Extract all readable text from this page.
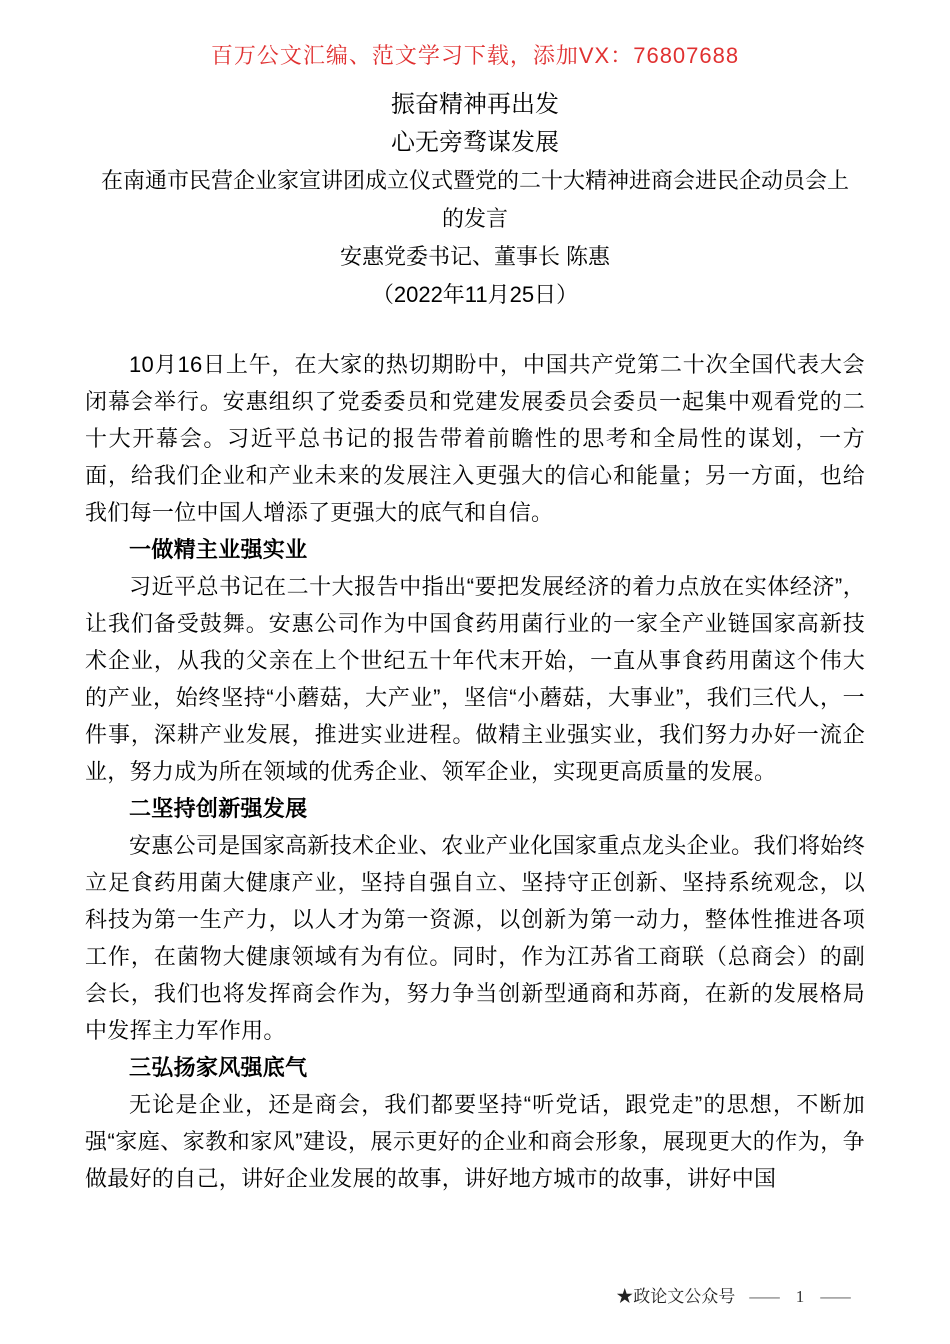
百万公文汇编、范文学习下载，添加VX：76807688
振奋精神再出发
心无旁骛谋发展
在南通市民营企业家宣讲团成立仪式暨党的二十大精神进商会进民企动员会上
的发言
安惠党委书记、董事长 陈惠
（2022年11月25日）

10月16日上午，在大家的热切期盼中，中国共产党第二十次全国代表大会闭幕会举行。安惠组织了党委委员和党建发展委员会委员一起集中观看党的二十大开幕会。习近平总书记的报告带着前瞻性的思考和全局性的谋划，一方面，给我们企业和产业未来的发展注入更强大的信心和能量；另一方面，也给我们每一位中国人增添了更强大的底气和自信。

一做精主业强实业

习近平总书记在二十大报告中指出“要把发展经济的着力点放在实体经济”，让我们备受鼓舞。安惠公司作为中国食药用菌行业的一家全产业链国家高新技术企业，从我的父亲在上个世纪五十年代末开始，一直从事食药用菌这个伟大的产业，始终坚持“小蘑菇，大产业”，坚信“小蘑菇，大事业”，我们三代人，一件事，深耕产业发展，推进实业进程。做精主业强实业，我们努力办好一流企业，努力成为所在领域的优秀企业、领军企业，实现更高质量的发展。

二坚持创新强发展

安惠公司是国家高新技术企业、农业产业化国家重点龙头企业。我们将始终立足食药用菌大健康产业，坚持自强自立、坚持守正创新、坚持系统观念，以科技为第一生产力，以人才为第一资源，以创新为第一动力，整体性推进各项工作，在菌物大健康领域有为有位。同时，作为江苏省工商联（总商会）的副会长，我们也将发挥商会作为，努力争当创新型通商和苏商，在新的发展格局中发挥主力军作用。

三弘扬家风强底气

无论是企业，还是商会，我们都要坚持“听党话，跟党走”的思想，不断加强“家庭、家教和家风”建设，展示更好的企业和商会形象，展现更大的作为，争做最好的自己，讲好企业发展的故事，讲好地方城市的故事，讲好中国

★政论文公众号 — 1 —
